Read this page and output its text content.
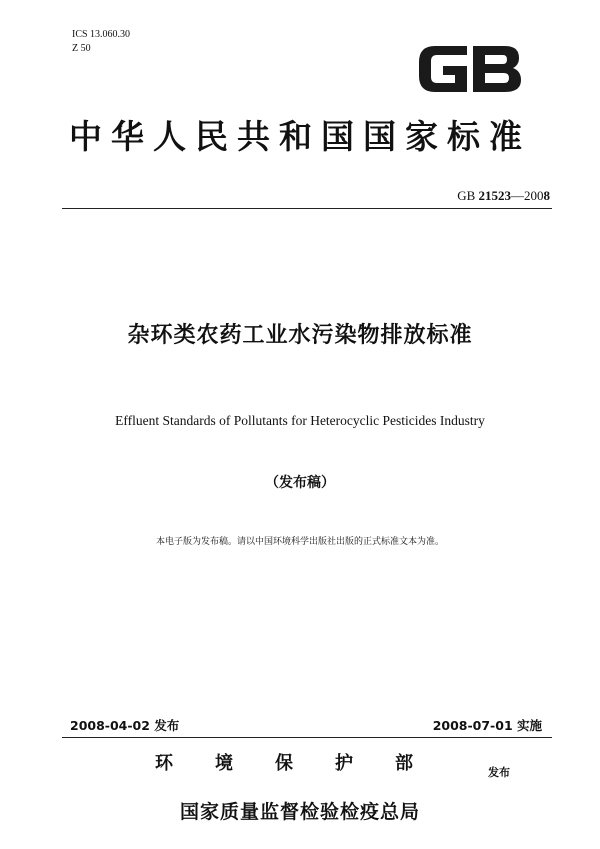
ICS 13.060.30
Z 50
中华人民共和国国家标准
GB 21523—2008
杂环类农药工业水污染物排放标准
Effluent Standards of Pollutants for Heterocyclic Pesticides Industry
（发布稿）
本电子版为发布稿。请以中国环境科学出版社出版的正式标准文本为准。
2008-04-02 发布	2008-07-01 实施
环境保护部	发布
国家质量监督检验检疫总局
